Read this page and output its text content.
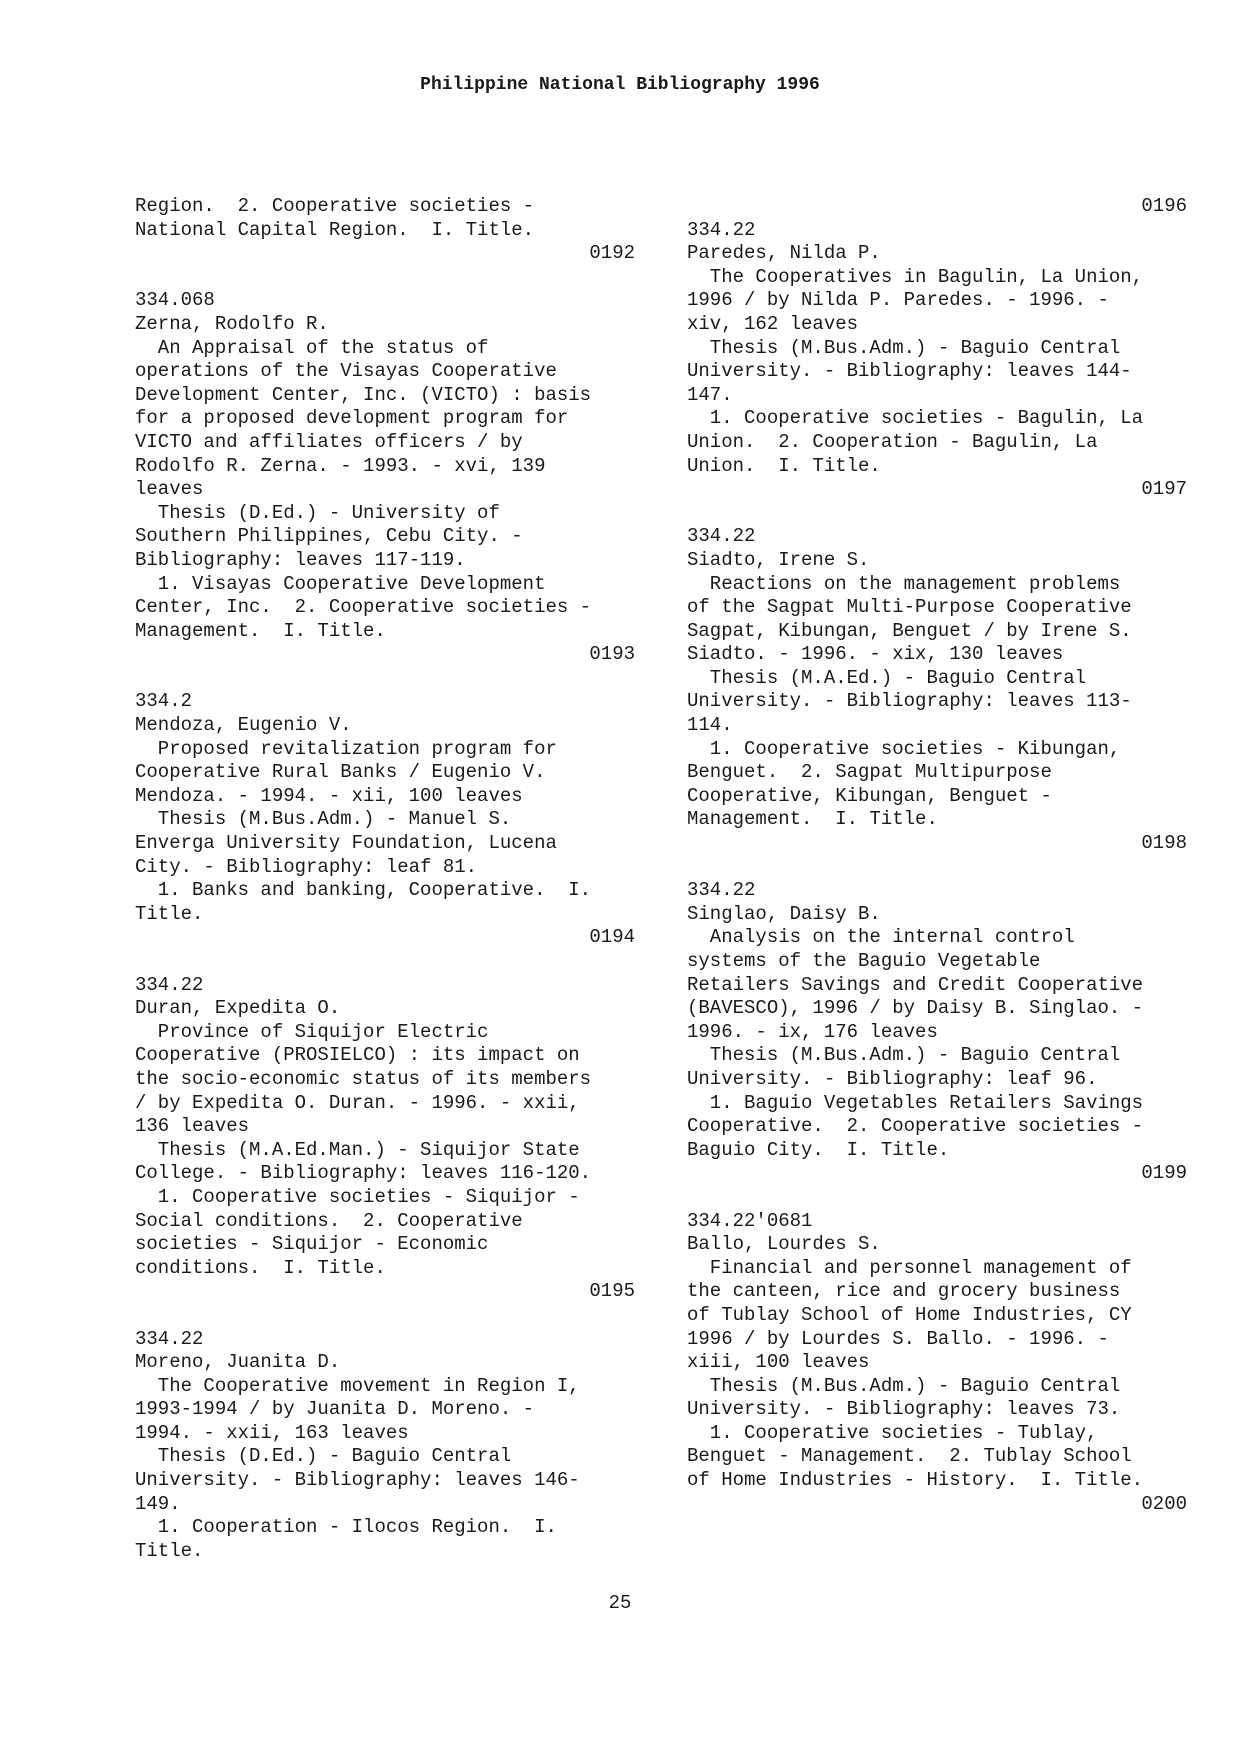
Philippine National Bibliography 1996
Region.  2. Cooperative societies -
National Capital Region.  I. Title.
0192
334.068
Zerna, Rodolfo R.
An Appraisal of the status of
operations of the Visayas Cooperative
Development Center, Inc. (VICTO) : basis
for a proposed development program for
VICTO and affiliates officers / by
Rodolfo R. Zerna. - 1993. - xvi, 139
leaves
Thesis (D.Ed.) - University of
Southern Philippines, Cebu City. -
Bibliography: leaves 117-119.
1. Visayas Cooperative Development
Center, Inc.  2. Cooperative societies -
Management.  I. Title.
0193
334.2
Mendoza, Eugenio V.
Proposed revitalization program for
Cooperative Rural Banks / Eugenio V.
Mendoza. - 1994. - xii, 100 leaves
Thesis (M.Bus.Adm.) - Manuel S.
Enverga University Foundation, Lucena
City. - Bibliography: leaf 81.
1. Banks and banking, Cooperative.  I.
Title.
0194
334.22
Duran, Expedita O.
Province of Siquijor Electric
Cooperative (PROSIELCO) : its impact on
the socio-economic status of its members
/ by Expedita O. Duran. - 1996. - xxii,
136 leaves
Thesis (M.A.Ed.Man.) - Siquijor State
College. - Bibliography: leaves 116-120.
1. Cooperative societies - Siquijor -
Social conditions.  2. Cooperative
societies - Siquijor - Economic
conditions.  I. Title.
0195
334.22
Moreno, Juanita D.
The Cooperative movement in Region I,
1993-1994 / by Juanita D. Moreno. -
1994. - xxii, 163 leaves
Thesis (D.Ed.) - Baguio Central
University. - Bibliography: leaves 146-
149.
1. Cooperation - Ilocos Region.  I.
Title.
0196
334.22
Paredes, Nilda P.
The Cooperatives in Bagulin, La Union,
1996 / by Nilda P. Paredes. - 1996. -
xiv, 162 leaves
Thesis (M.Bus.Adm.) - Baguio Central
University. - Bibliography: leaves 144-
147.
1. Cooperative societies - Bagulin, La
Union.  2. Cooperation - Bagulin, La
Union.  I. Title.
0197
334.22
Siadto, Irene S.
Reactions on the management problems
of the Sagpat Multi-Purpose Cooperative
Sagpat, Kibungan, Benguet / by Irene S.
Siadto. - 1996. - xix, 130 leaves
Thesis (M.A.Ed.) - Baguio Central
University. - Bibliography: leaves 113-
114.
1. Cooperative societies - Kibungan,
Benguet.  2. Sagpat Multipurpose
Cooperative, Kibungan, Benguet -
Management.  I. Title.
0198
334.22
Singlao, Daisy B.
Analysis on the internal control
systems of the Baguio Vegetable
Retailers Savings and Credit Cooperative
(BAVESCO), 1996 / by Daisy B. Singlao. -
1996. - ix, 176 leaves
Thesis (M.Bus.Adm.) - Baguio Central
University. - Bibliography: leaf 96.
1. Baguio Vegetables Retailers Savings
Cooperative.  2. Cooperative societies -
Baguio City.  I. Title.
0199
334.22'0681
Ballo, Lourdes S.
Financial and personnel management of
the canteen, rice and grocery business
of Tublay School of Home Industries, CY
1996 / by Lourdes S. Ballo. - 1996. -
xiii, 100 leaves
Thesis (M.Bus.Adm.) - Baguio Central
University. - Bibliography: leaves 73.
1. Cooperative societies - Tublay,
Benguet - Management.  2. Tublay School
of Home Industries - History.  I. Title.
0200
25
